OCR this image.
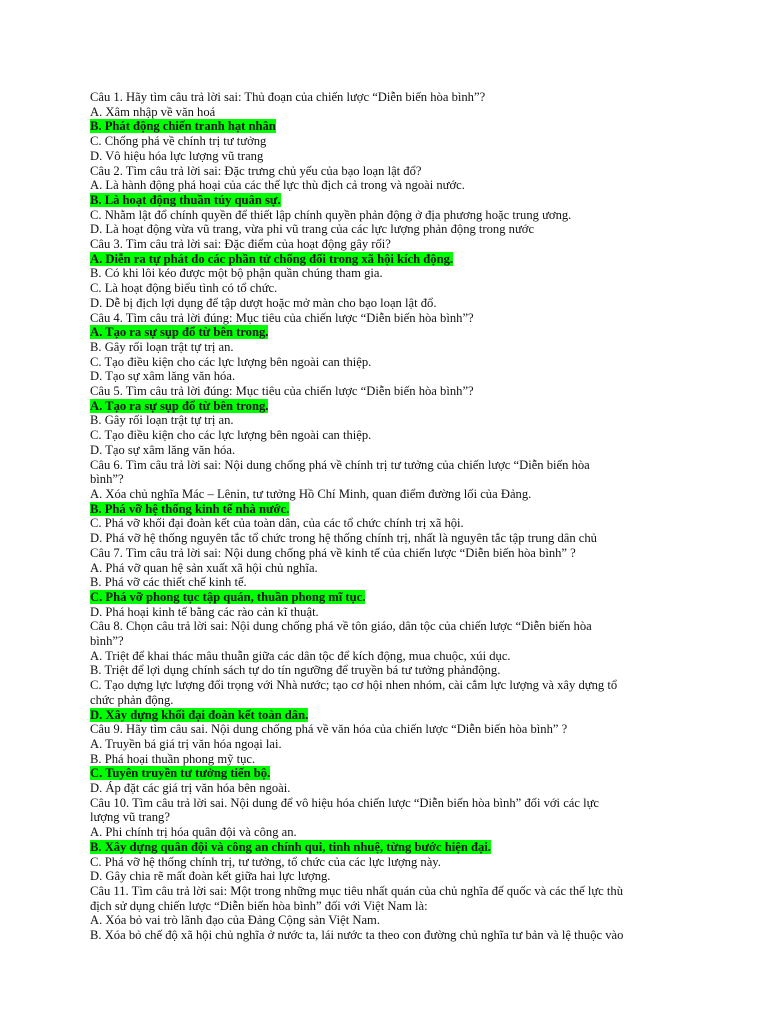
Câu 1. Hãy tìm câu trả lời sai: Thủ đoạn của chiến lược “Diễn biến hòa bình”?
A. Xâm nhập về văn hoá
B. Phát động chiến tranh hạt nhân
C. Chống phá về chính trị tư tưởng
D. Vô hiệu hóa lực lượng vũ trang
Câu 2. Tìm câu trả lời sai: Đặc trưng chủ yếu của bạo loạn lật đổ?
A. Là hành động phá hoại của các thế lực thù địch cả trong và ngoài nước.
B. Là hoạt động thuần túy quân sự.
C. Nhằm lật đổ chính quyền để thiết lập chính quyền phản động ở địa phương hoặc trung ương.
D. Là hoạt động vừa vũ trang, vừa phi vũ trang của các lực lượng phản động trong nước
Câu 3. Tìm câu trả lời sai: Đặc điểm của hoạt động gây rối?
A. Diễn ra tự phát do các phần tử chống đối trong xã hội kích động.
B. Có khi lôi kéo được một bộ phận quần chúng tham gia.
C. Là hoạt động biểu tình có tổ chức.
D. Dễ bị địch lợi dụng để tập dượt hoặc mở màn cho bạo loạn lật đổ.
Câu 4. Tìm câu trả lời đúng: Mục tiêu của chiến lược “Diễn biến hòa bình”?
A. Tạo ra sự sụp đổ từ bên trong.
B. Gây rối loạn trật tự trị an.
C. Tạo điều kiện cho các lực lượng bên ngoài can thiệp.
D. Tạo sự xâm lăng văn hóa.
Câu 5. Tìm câu trả lời đúng: Mục tiêu của chiến lược “Diễn biến hòa bình”?
A. Tạo ra sự sụp đổ từ bên trong.
B. Gây rối loạn trật tự trị an.
C. Tạo điều kiện cho các lực lượng bên ngoài can thiệp.
D. Tạo sự xâm lăng văn hóa.
Câu 6. Tìm câu trả lời sai: Nội dung chống phá về chính trị tư tưởng của chiến lược “Diễn biến hòa
bình”?
A. Xóa chủ nghĩa Mác – Lênin, tư tưởng Hồ Chí Minh, quan điểm đường lối của Đảng.
B. Phá vỡ hệ thống kinh tế nhà nước.
C. Phá vỡ khối đại đoàn kết của toàn dân, của các tổ chức chính trị xã hội.
D. Phá vỡ hệ thống nguyên tắc tổ chức trong hệ thống chính trị, nhất là nguyên tắc tập trung dân chủ
Câu 7. Tìm câu trả lời sai: Nội dung chống phá về kinh tế của chiến lược “Diễn biến hòa bình” ?
A. Phá vỡ quan hệ sản xuất xã hội chủ nghĩa.
B. Phá vỡ các thiết chế kinh tế.
C. Phá vỡ phong tục tập quán, thuần phong mĩ tục.
D. Phá hoại kinh tế bằng các rào cản kĩ thuật.
Câu 8. Chọn câu trả lời sai: Nội dung chống phá về tôn giáo, dân tộc của chiến lược “Diễn biến hòa
bình”?
A. Triệt để khai thác mâu thuẫn giữa các dân tộc để kích động, mua chuộc, xúi dục.
B. Triệt để lợi dụng chính sách tự do tín ngưỡng để truyền bá tư tưởng phảnđộng.
C. Tạo dựng lực lượng đối trọng với Nhà nước; tạo cơ hội nhen nhóm, cài cắm lực lượng và xây dựng tổ
chức phản động.
D. Xây dựng khối đại đoàn kết toàn dân.
Câu 9. Hãy tìm câu sai. Nội dung chống phá về văn hóa của chiến lược “Diễn biến hòa bình” ?
A. Truyền bá giá trị văn hóa ngoại lai.
B. Phá hoại thuần phong mỹ tục.
C. Tuyên truyền tư tưởng tiến bộ.
D. Áp đặt các giá trị văn hóa bên ngoài.
Câu 10. Tìm câu trả lời sai. Nội dung để vô hiệu hóa chiến lược “Diễn biến hòa bình” đối với các lực
lượng vũ trang?
A. Phi chính trị hóa quân đội và công an.
B. Xây dựng quân đội và công an chính qui, tinh nhuệ, từng bước hiện đại.
C. Phá vỡ hệ thống chính trị, tư tưởng, tổ chức của các lực lượng này.
D. Gây chia rẽ mất đoàn kết giữa hai lực lượng.
Câu 11. Tìm câu trả lời sai: Một trong những mục tiêu nhất quán của chủ nghĩa đế quốc và các thế lực thù
địch sử dụng chiến lược “Diễn biến hòa bình” đối với Việt Nam là:
A. Xóa bỏ vai trò lãnh đạo của Đảng Cộng sản Việt Nam.
B. Xóa bỏ chế độ xã hội chủ nghĩa ở nước ta, lái nước ta theo con đường chủ nghĩa tư bản và lệ thuộc vào
